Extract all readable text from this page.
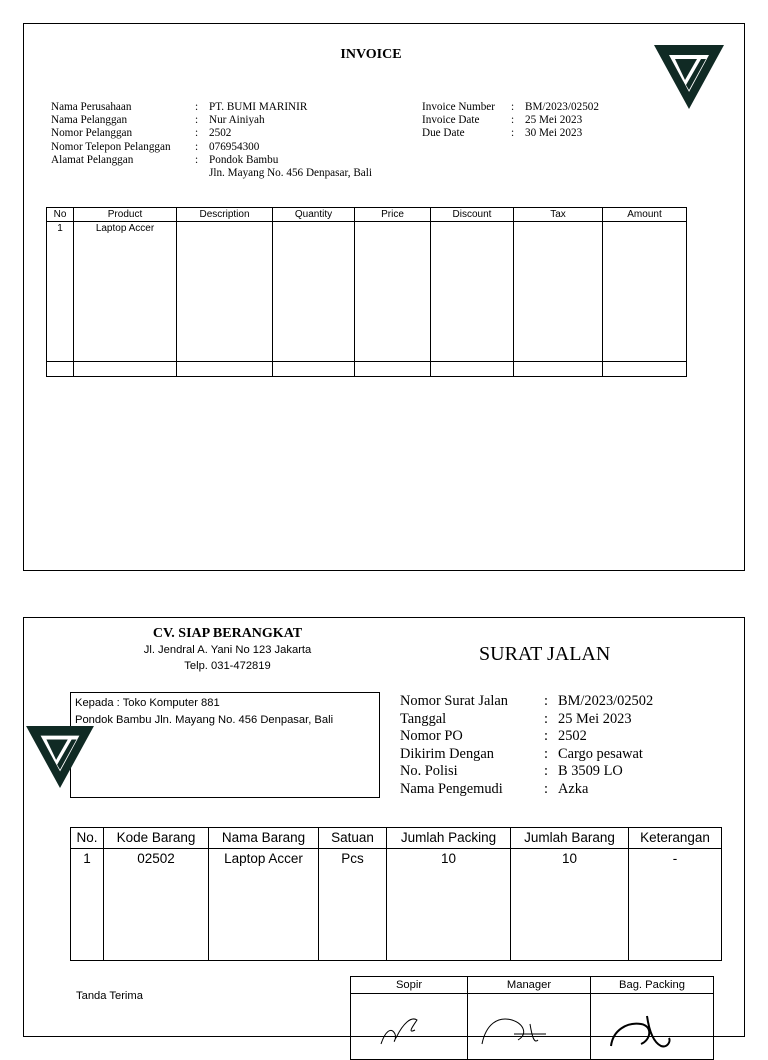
INVOICE
Nama Perusahaan	: PT. BUMI MARINIR
Nama Pelanggan	: Nur Ainiyah
Nomor Pelanggan	: 2502
Nomor Telepon Pelanggan	: 076954300
Alamat Pelanggan	: Pondok Bambu
Jln. Mayang No. 456 Denpasar, Bali
Invoice Number	: BM/2023/02502
Invoice Date	: 25 Mei 2023
Due Date	: 30 Mei 2023
No	Product	Description	Quantity	Price	Discount	Tax	Amount
1	Laptop Accer						

CV. SIAP BERANGKAT
Jl. Jendral A. Yani No 123 Jakarta
Telp. 031-472819
SURAT JALAN
Kepada : Toko Komputer 881
Pondok Bambu Jln. Mayang No. 456 Denpasar, Bali
Nomor Surat Jalan	: BM/2023/02502
Tanggal	: 25 Mei 2023
Nomor PO	: 2502
Dikirim Dengan	: Cargo pesawat
No. Polisi	: B 3509 LO
Nama Pengemudi	: Azka
No.	Kode Barang	Nama Barang	Satuan	Jumlah Packing	Jumlah Barang	Keterangan
1	02502	Laptop Accer	Pcs	10	10	-
Tanda Terima
Sopir	Manager	Bag. Packing
